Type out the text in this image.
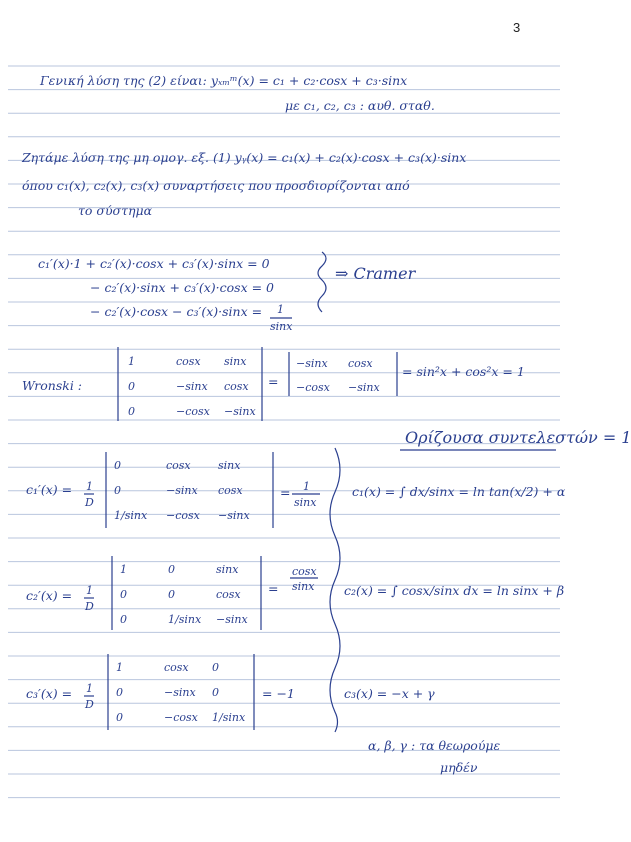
3
Γενική λύση της (2) είναι: yₓₘᵐ(x) = c₁ + c₂·cosx + c₃·sinx
με c₁, c₂, c₃ : αυθ. σταθ.
Ζητάμε λύση της μη ομογ. εξ. (1) yᵧ(x) = c₁(x) + c₂(x)·cosx + c₃(x)·sinx
όπου c₁(x), c₂(x), c₃(x) συναρτήσεις που προσδιορίζονται από
το σύστημα
c₁′(x)·1 + c₂′(x)·cosx + c₃′(x)·sinx = 0
− c₂′(x)·sinx + c₃′(x)·cosx = 0
− c₂′(x)·cosx − c₃′(x)·sinx = 1
sinx
⇒ Cramer
Wronski :
1	cosx sinx
0	−sinx cosx
0	−cosx −sinx
=
−sinx cosx
−cosx −sinx
= sin²x + cos²x = 1
Ορίζουσα συντελεστών = 1
c₁′(x) = 1
D
0	cosx sinx
0	−sinx cosx
1/sinx −cosx −sinx
= 1
sinx
c₁(x) = ∫ dx/sinx = ln tan(x/2) + α
c₂′(x) = 1
D
1	0	sinx
0	0	cosx
0	1/sinx −sinx
=
cosx
sinx c₂(x) = ∫ cosx/sinx dx = ln sinx + β
c₃′(x) = 1
D
1	cosx 0
0	−sinx 0
0	−cosx 1/sinx
= −1	c₃(x) = −x + γ
α, β, γ : τα θεωρούμε
μηδέν
